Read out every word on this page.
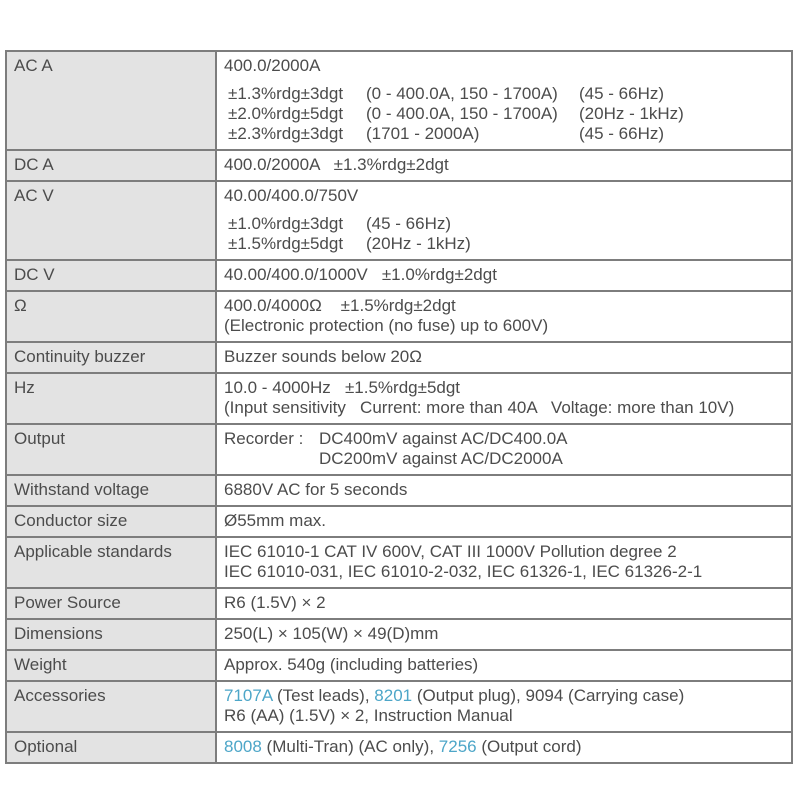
AC A	400.0/2000A
±1.3%rdg±3dgt (0 - 400.0A, 150 - 1700A) (45 - 66Hz)
±2.0%rdg±5dgt (0 - 400.0A, 150 - 1700A) (20Hz - 1kHz)
±2.3%rdg±3dgt (1701 - 2000A) (45 - 66Hz)

DC A	400.0/2000A   ±1.3%rdg±2dgt
AC V	40.00/400.0/750V
±1.0%rdg±3dgt (45 - 66Hz)
±1.5%rdg±5dgt (20Hz - 1kHz)

DC V	40.00/400.0/1000V   ±1.0%rdg±2dgt
Ω	400.0/4000Ω    ±1.5%rdg±2dgt
(Electronic protection (no fuse) up to 600V)

Continuity buzzer	Buzzer sounds below 20Ω
Hz	10.0 - 4000Hz   ±1.5%rdg±5dgt
(Input sensitivity   Current: more than 40A   Voltage: more than 10V)

Output	Recorder : DC400mV against AC/DC400.0A
DC200mV against AC/DC2000A

Withstand voltage	6880V AC for 5 seconds
Conductor size	Ø55mm max.
Applicable standards	IEC 61010-1 CAT IV 600V, CAT III 1000V Pollution degree 2
IEC 61010-031, IEC 61010-2-032, IEC 61326-1, IEC 61326-2-1

Power Source	R6 (1.5V) × 2
Dimensions	250(L) × 105(W) × 49(D)mm
Weight	Approx. 540g (including batteries)
Accessories	7107A (Test leads), 8201 (Output plug), 9094 (Carrying case)
R6 (AA) (1.5V) × 2, Instruction Manual

Optional	8008 (Multi-Tran) (AC only), 7256 (Output cord)
